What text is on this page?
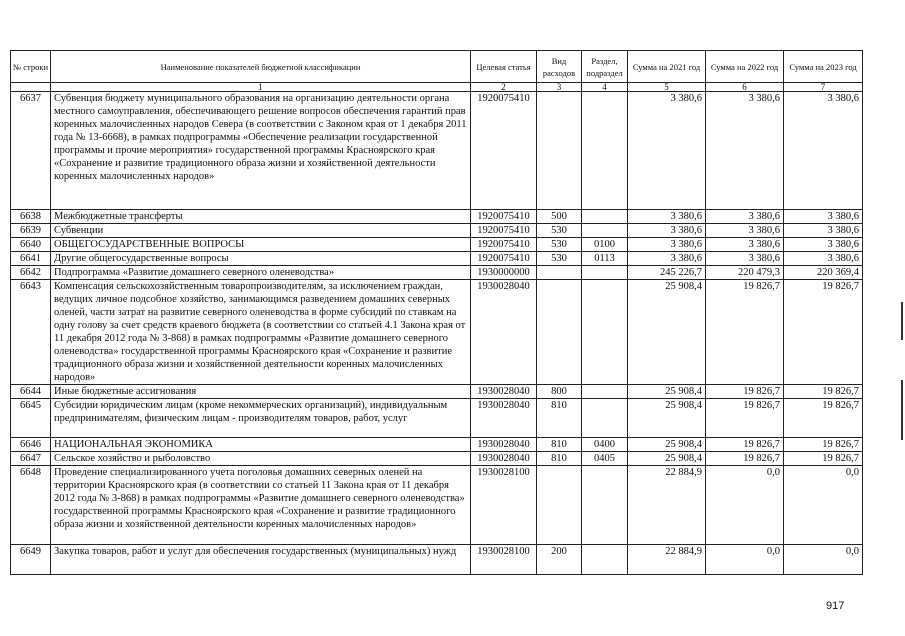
№ строки	Наименование показателей бюджетной классификации	Целевая статья	Вид расходов	Раздел, подраздел	Сумма на 2021 год	Сумма на 2022 год	Сумма на 2023 год
	1	2	3	4	5	6	7
6637	Субвенция бюджету муниципального образования на организацию деятельности органа местного самоуправления, обеспечивающего решение вопросов обеспечения гарантий прав коренных малочисленных народов Севера (в соответствии с Законом края от 1 декабря 2011 года № 13-6668), в рамках подпрограммы «Обеспечение реализации государственной программы и прочие мероприятия» государственной программы Красноярского края «Сохранение и развитие традиционного образа жизни и хозяйственной деятельности коренных малочисленных народов»	1920075410			3 380,6	3 380,6	3 380,6
6638	Межбюджетные трансферты	1920075410	500		3 380,6	3 380,6	3 380,6
6639	Субвенции	1920075410	530		3 380,6	3 380,6	3 380,6
6640	ОБЩЕГОСУДАРСТВЕННЫЕ ВОПРОСЫ	1920075410	530	0100	3 380,6	3 380,6	3 380,6
6641	Другие общегосударственные вопросы	1920075410	530	0113	3 380,6	3 380,6	3 380,6
6642	Подпрограмма «Развитие домашнего северного оленеводства»	1930000000			245 226,7	220 479,3	220 369,4
6643	Компенсация сельскохозяйственным товаропроизводителям, за исключением граждан, ведущих личное подсобное хозяйство, занимающимся разведением домашних северных оленей, части затрат на развитие северного оленеводства в форме субсидий по ставкам на одну голову за счет средств краевого бюджета (в соответствии со статьей 4.1 Закона края от 11 декабря 2012 года № 3-868) в рамках подпрограммы «Развитие домашнего северного оленеводства» государственной программы Красноярского края «Сохранение и развитие традиционного образа жизни и хозяйственной деятельности коренных малочисленных народов»	1930028040			25 908,4	19 826,7	19 826,7
6644	Иные бюджетные ассигнования	1930028040	800		25 908,4	19 826,7	19 826,7
6645	Субсидии юридическим лицам (кроме некоммерческих организаций), индивидуальным предпринимателям, физическим лицам - производителям товаров, работ, услуг	1930028040	810		25 908,4	19 826,7	19 826,7
6646	НАЦИОНАЛЬНАЯ ЭКОНОМИКА	1930028040	810	0400	25 908,4	19 826,7	19 826,7
6647	Сельское хозяйство и рыболовство	1930028040	810	0405	25 908,4	19 826,7	19 826,7
6648	Проведение специализированного учета поголовья домашних северных оленей на территории Красноярского края (в соответствии со статьей 11 Закона края от 11 декабря 2012 года № 3-868) в рамках подпрограммы «Развитие домашнего северного оленеводства» государственной программы Красноярского края «Сохранение и развитие традиционного образа жизни и хозяйственной деятельности коренных малочисленных народов»	1930028100			22 884,9	0,0	0,0
6649	Закупка товаров, работ и услуг для обеспечения государственных (муниципальных) нужд	1930028100	200		22 884,9	0,0	0,0
917
